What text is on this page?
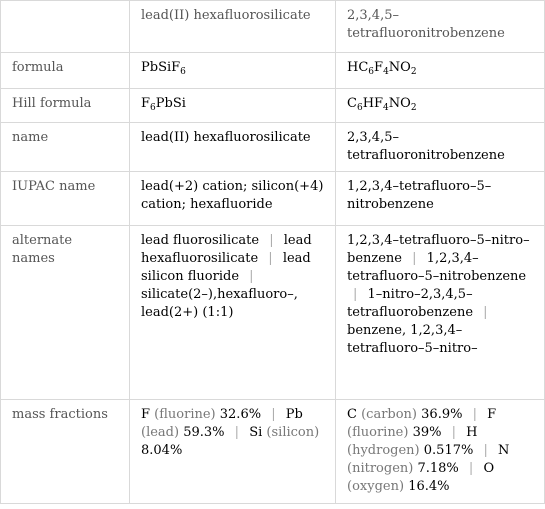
	lead(II) hexafluorosilicate	2,3,4,5–tetrafluoronitrobenzene
formula	PbSiF$_6$	$HC_6F_4NO_2$
Hill formula	$F_6PbSi$	$C_6HF_4NO_2$
name	lead(II) hexafluorosilicate	2,3,4,5–tetrafluoronitrobenzene
IUPAC name	lead(+2) cation; silicon(+4) cation; hexafluoride	1,2,3,4–tetrafluoro–5–nitrobenzene
alternate names	lead fluorosilicate | lead hexafluorosilicate | lead silicon fluoride | silicate(2–),hexafluoro–, lead(2+) (1:1)	1,2,3,4–tetrafluoro–5–nitro–benzene | 1,2,3,4–tetrafluoro–5–nitrobenzene | 1–nitro–2,3,4,5–tetrafluorobenzene | benzene, 1,2,3,4–tetrafluoro–5–nitro–
mass fractions	F (fluorine) 32.6% | Pb (lead) 59.3% | Si (silicon) 8.04%	C (carbon) 36.9% | F (fluorine) 39% | H (hydrogen) 0.517% | N (nitrogen) 7.18% | O (oxygen) 16.4%
